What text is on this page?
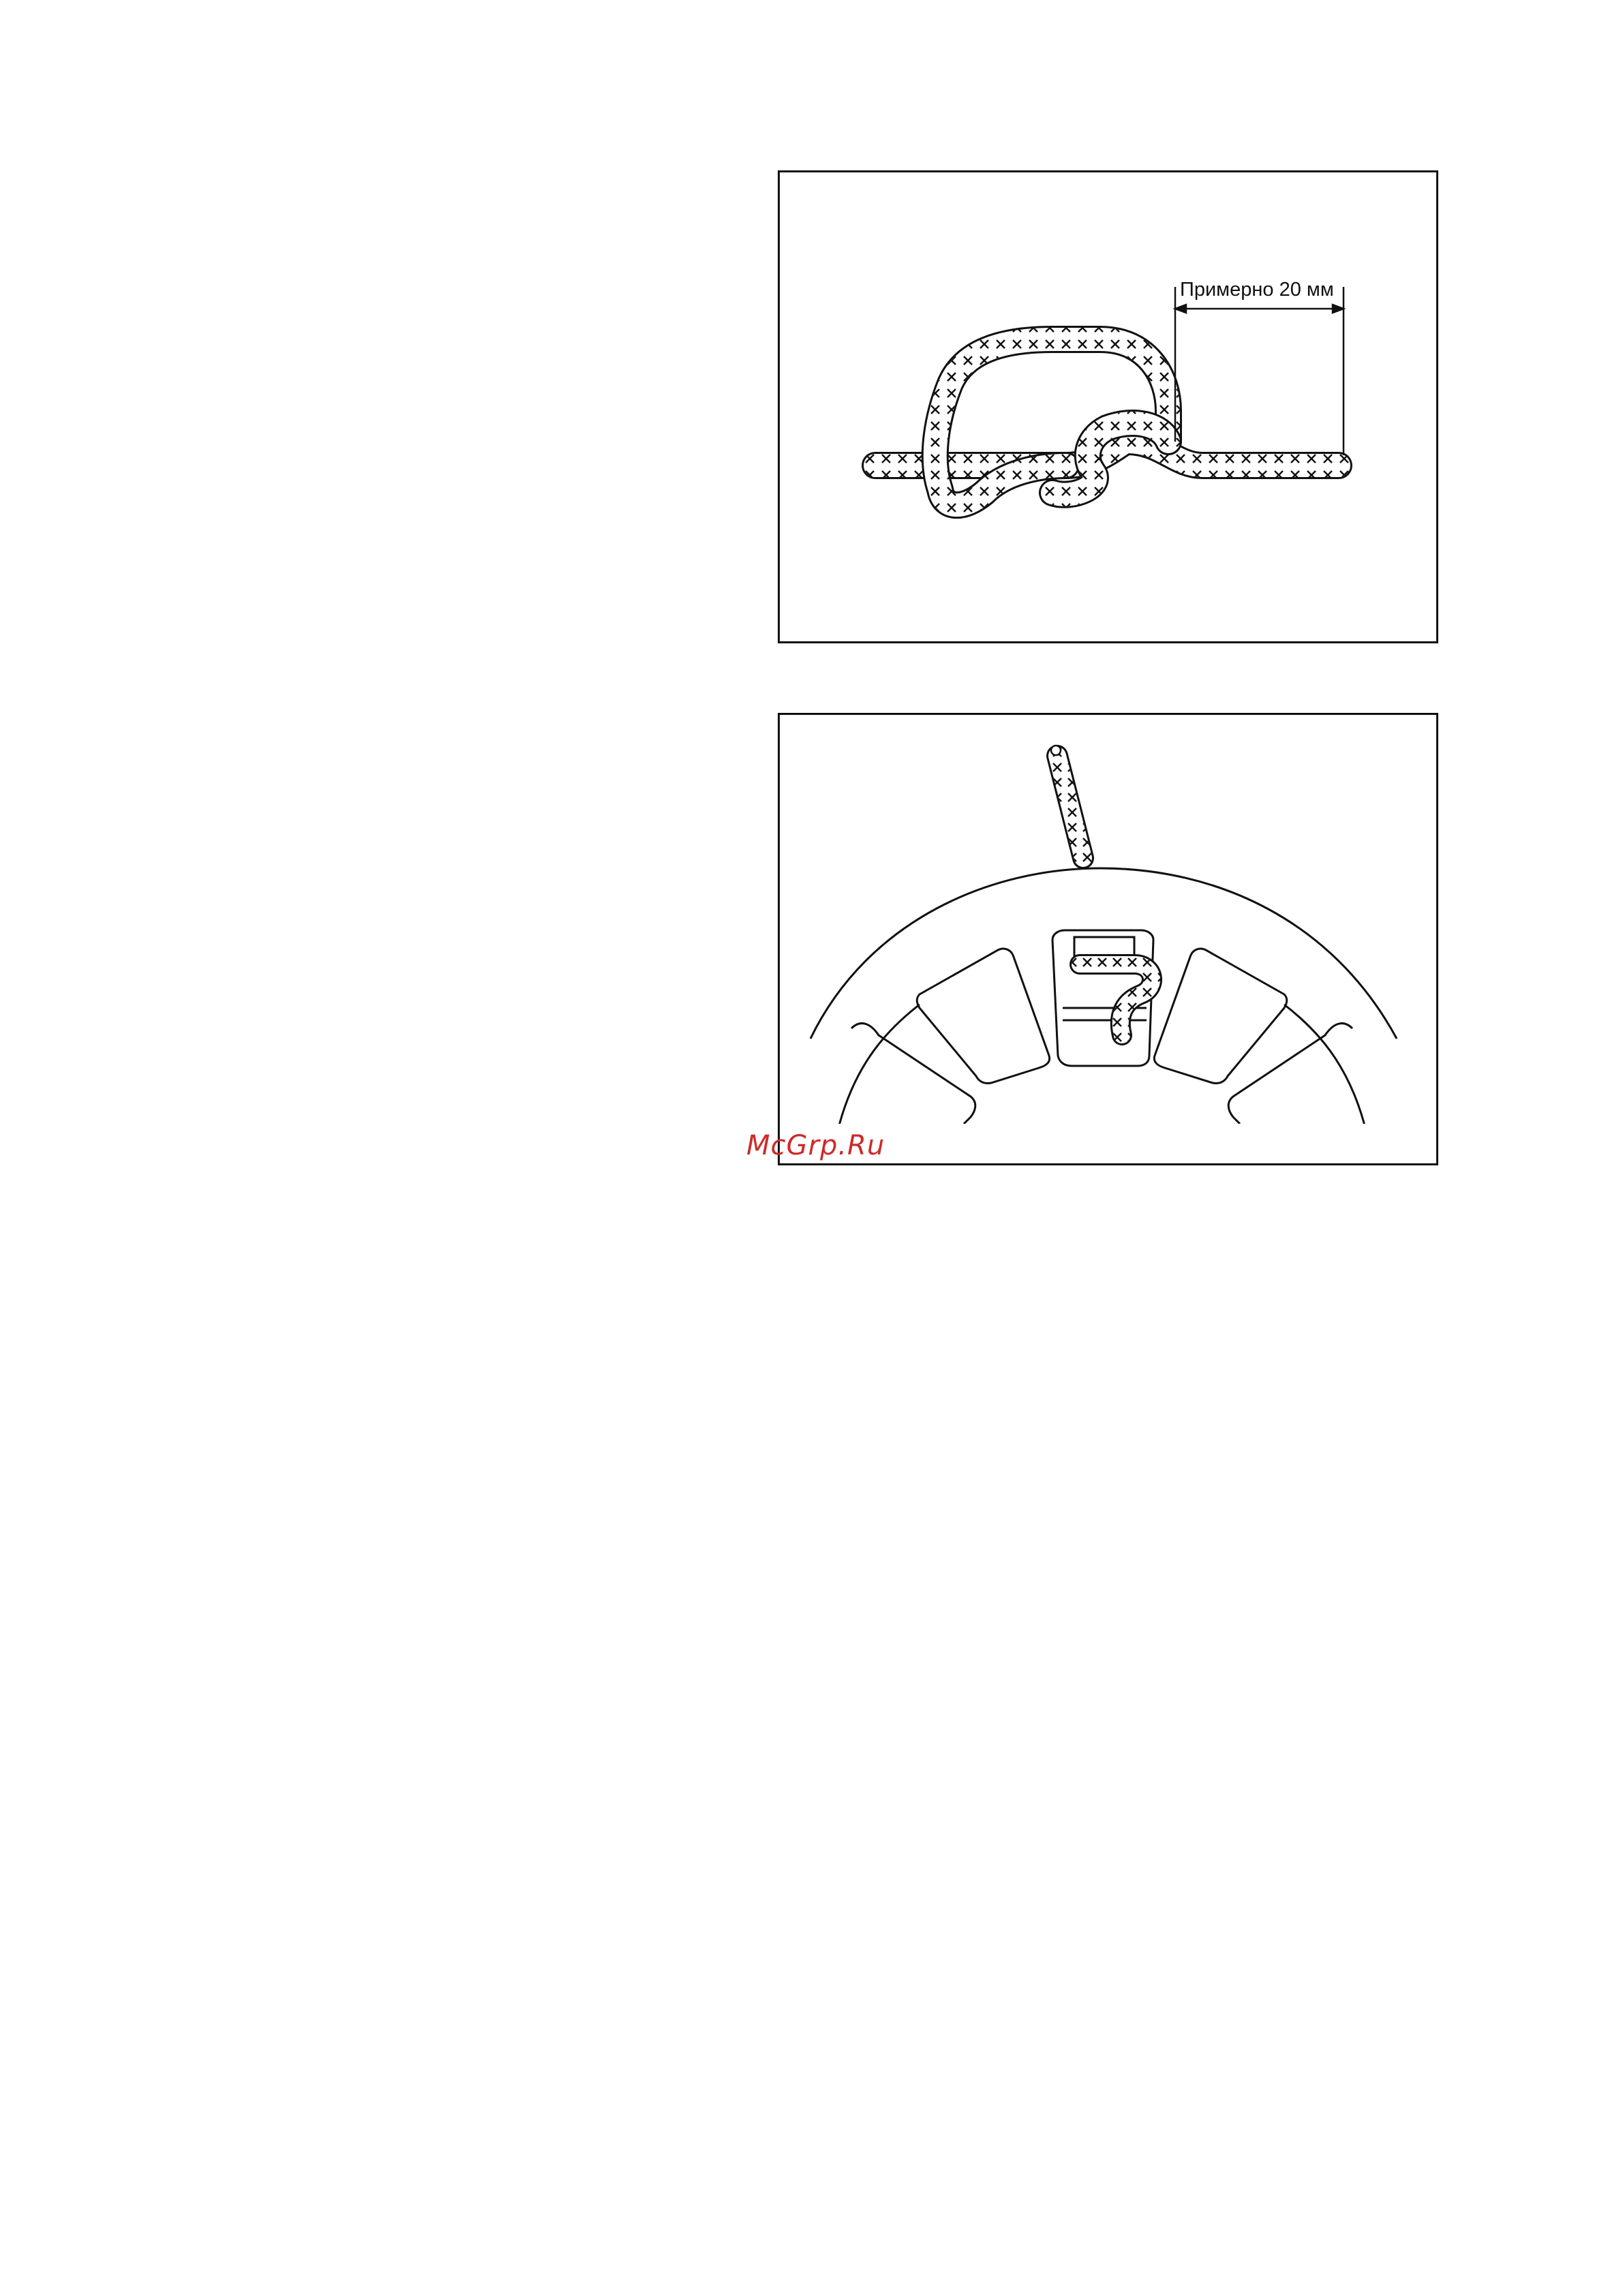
Примерно 20 мм
McGrp.Ru
